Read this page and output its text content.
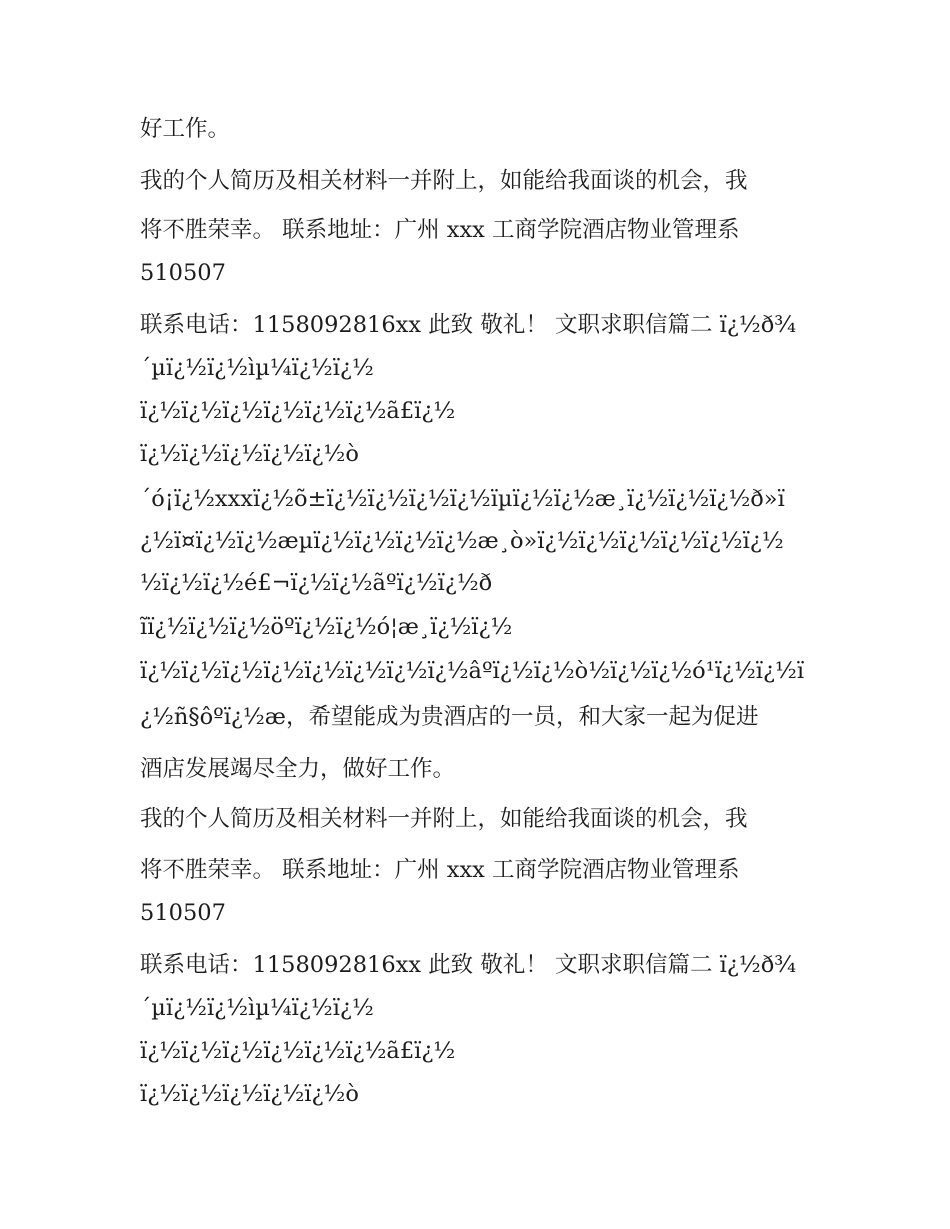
好工作。

我的个人简历及相关材料一并附上，如能给我面谈的机会，我

将不胜荣幸。 联系地址：广州 xxx 工商学院酒店物业管理系

510507

联系电话：1158092816xx 此致 敬礼！ 文职求职信篇二 ï¿½ð¾

´µï¿½ï¿½ìµ¼ï¿½ï¿½

ï¿½ï¿½ï¿½ï¿½ï¿½ï¿½ã£ï¿½

ï¿½ï¿½ï¿½ï¿½ï¿½ò

´ó¡ï¿½xxxï¿½õ±ï¿½ï¿½ï¿½ï¿½ïµï¿½ï¿½æ¸ï¿½ï¿½ï¿½ð»ï

¿½ï¤ï¿½ï¿½æµï¿½ï¿½ï¿½ï¿½æ¸ò»ï¿½ï¿½ï¿½ï¿½ï¿½ï¿½

½ï¿½ï¿½é£¬ï¿½ï¿½ãºï¿½ï¿½ð

ĩï¿½ï¿½ï¿½öºï¿½ï¿½ó¦æ¸ï¿½ï¿½

ï¿½ï¿½ï¿½ï¿½ï¿½ï¿½ï¿½ï¿½âºï¿½ï¿½ò½ï¿½ï¿½ó¹ï¿½ï¿½ï

¿½ñ§ôºï¿½æ，希望能成为贵酒店的一员，和大家一起为促进

酒店发展竭尽全力，做好工作。

我的个人简历及相关材料一并附上，如能给我面谈的机会，我

将不胜荣幸。 联系地址：广州 xxx 工商学院酒店物业管理系

510507

联系电话：1158092816xx 此致 敬礼！ 文职求职信篇二 ï¿½ð¾

´µï¿½ï¿½ìµ¼ï¿½ï¿½

ï¿½ï¿½ï¿½ï¿½ï¿½ï¿½ã£ï¿½

ï¿½ï¿½ï¿½ï¿½ï¿½ò
